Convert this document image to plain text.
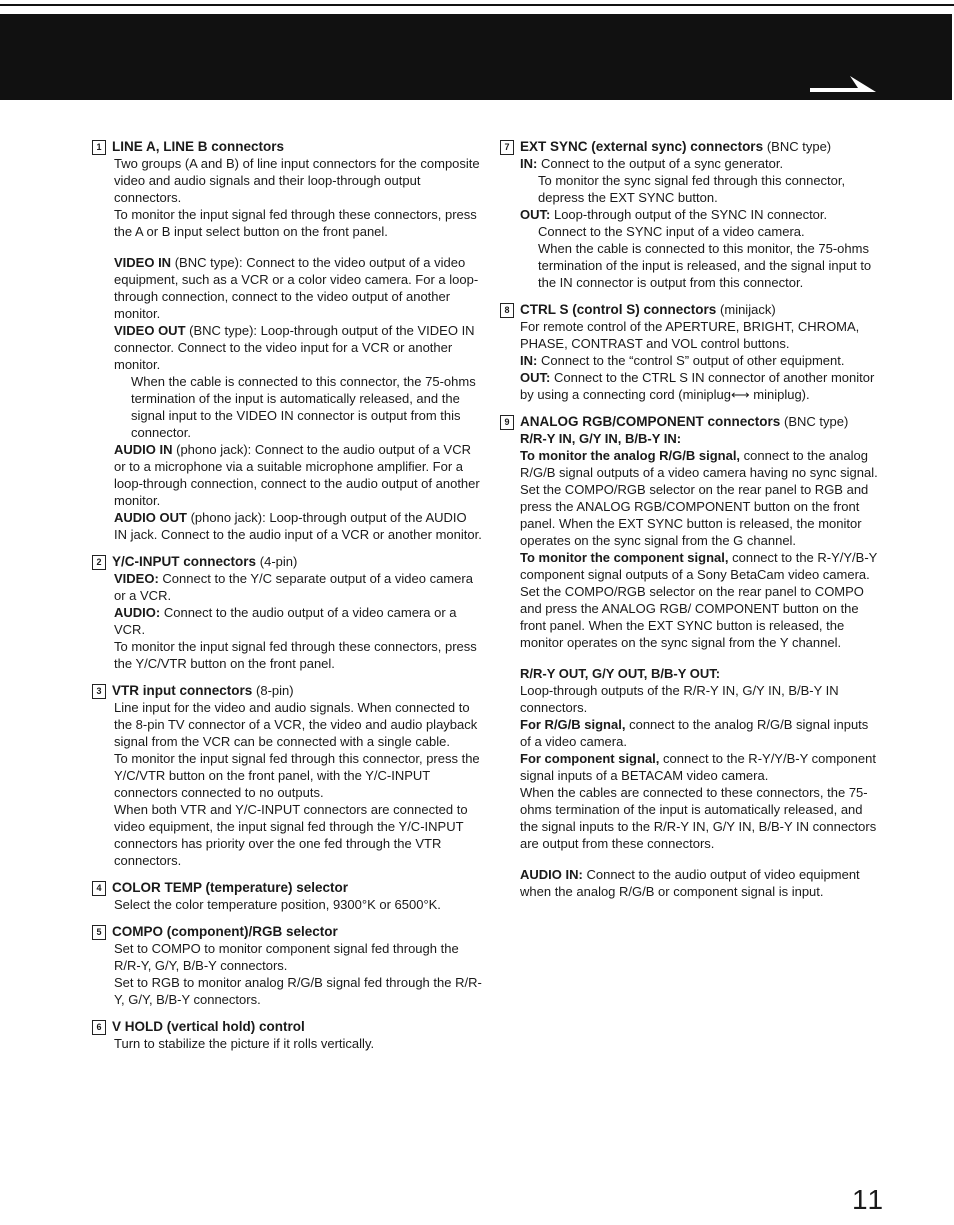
1 LINE A, LINE B connectors
Two groups (A and B) of line input connectors for the composite video and audio signals and their loop-through output connectors.
To monitor the input signal fed through these connectors, press the A or B input select button on the front panel.
VIDEO IN (BNC type): Connect to the video output of a video equipment, such as a VCR or a color video camera. For a loop-through connection, connect to the video output of another monitor.
VIDEO OUT (BNC type): Loop-through output of the VIDEO IN connector. Connect to the video input for a VCR or another monitor.
When the cable is connected to this connector, the 75-ohms termination of the input is automatically released, and the signal input to the VIDEO IN connector is output from this connector.
AUDIO IN (phono jack): Connect to the audio output of a VCR or to a microphone via a suitable microphone amplifier. For a loop-through connection, connect to the audio output of another monitor.
AUDIO OUT (phono jack): Loop-through output of the AUDIO IN jack. Connect to the audio input of a VCR or another monitor.
2 Y/C-INPUT connectors (4-pin)
VIDEO: Connect to the Y/C separate output of a video camera or a VCR.
AUDIO: Connect to the audio output of a video camera or a VCR.
To monitor the input signal fed through these connectors, press the Y/C/VTR button on the front panel.
3 VTR input connectors (8-pin)
Line input for the video and audio signals. When connected to the 8-pin TV connector of a VCR, the video and audio playback signal from the VCR can be connected with a single cable.
To monitor the input signal fed through this connector, press the Y/C/VTR button on the front panel, with the Y/C-INPUT connectors connected to no outputs.
When both VTR and Y/C-INPUT connectors are connected to video equipment, the input signal fed through the Y/C-INPUT connectors has priority over the one fed through the VTR connectors.
4 COLOR TEMP (temperature) selector
Select the color temperature position, 9300°K or 6500°K.
5 COMPO (component)/RGB selector
Set to COMPO to monitor component signal fed through the R/R-Y, G/Y, B/B-Y connectors.
Set to RGB to monitor analog R/G/B signal fed through the R/R-Y, G/Y, B/B-Y connectors.
6 V HOLD (vertical hold) control
Turn to stabilize the picture if it rolls vertically.
7 EXT SYNC (external sync) connectors (BNC type)
IN: Connect to the output of a sync generator.
To monitor the sync signal fed through this connector, depress the EXT SYNC button.
OUT: Loop-through output of the SYNC IN connector.
Connect to the SYNC input of a video camera.
When the cable is connected to this monitor, the 75-ohms termination of the input is released, and the signal input to the IN connector is output from this connector.
8 CTRL S (control S) connectors (minijack)
For remote control of the APERTURE, BRIGHT, CHROMA, PHASE, CONTRAST and VOL control buttons.
IN: Connect to the “control S” output of other equipment.
OUT: Connect to the CTRL S IN connector of another monitor by using a connecting cord (miniplug⟷ miniplug).
9 ANALOG RGB/COMPONENT connectors (BNC type)
R/R-Y IN, G/Y IN, B/B-Y IN:
To monitor the analog R/G/B signal, connect to the analog R/G/B signal outputs of a video camera having no sync signal.
Set the COMPO/RGB selector on the rear panel to RGB and press the ANALOG RGB/COMPONENT button on the front panel. When the EXT SYNC button is released, the monitor operates on the sync signal from the G channel.
To monitor the component signal, connect to the R-Y/Y/B-Y component signal outputs of a Sony BetaCam video camera. Set the COMPO/RGB selector on the rear panel to COMPO and press the ANALOG RGB/ COMPONENT button on the front panel. When the EXT SYNC button is released, the monitor operates on the sync signal from the Y channel.
R/R-Y OUT, G/Y OUT, B/B-Y OUT:
Loop-through outputs of the R/R-Y IN, G/Y IN, B/B-Y IN connectors.
For R/G/B signal, connect to the analog R/G/B signal inputs of a video camera.
For component signal, connect to the R-Y/Y/B-Y component signal inputs of a BETACAM video camera.
When the cables are connected to these connectors, the 75-ohms termination of the input is automatically released, and the signal inputs to the R/R-Y IN, G/Y IN, B/B-Y IN connectors are output from these connectors.
AUDIO IN: Connect to the audio output of video equipment when the analog R/G/B or component signal is input.
11
